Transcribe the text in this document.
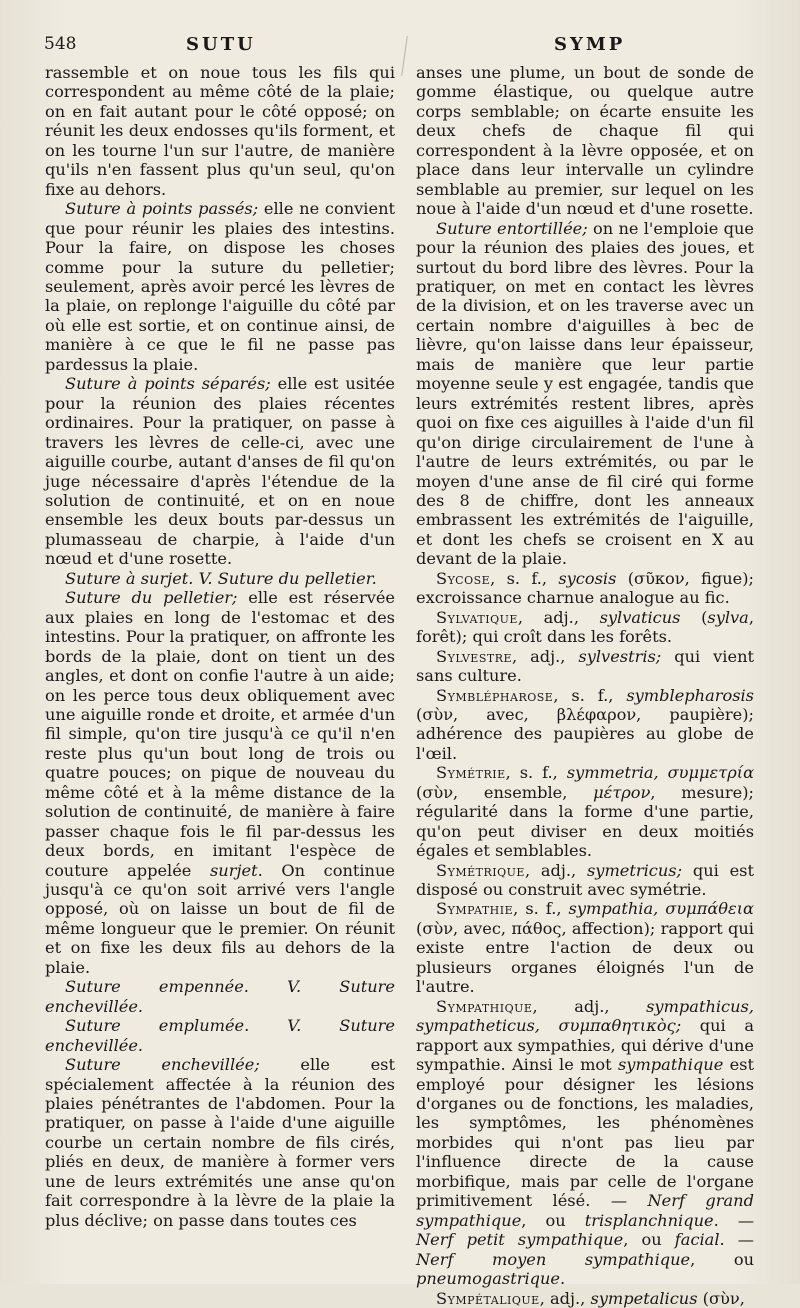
548	SUTU	SYMP

rassemble et on noue tous les fils qui correspondent au même côté de la plaie; on en fait autant pour le côté opposé; on réunit les deux endosses qu'ils forment, et on les tourne l'un sur l'autre, de manière qu'ils n'en fassent plus qu'un seul, qu'on fixe au dehors.

Suture à points passés; elle ne convient que pour réunir les plaies des intestins. Pour la faire, on dispose les choses comme pour la suture du pelletier; seulement, après avoir percé les lèvres de la plaie, on replonge l'aiguille du côté par où elle est sortie, et on continue ainsi, de manière à ce que le fil ne passe pas pardessus la plaie.

Suture à points séparés; elle est usitée pour la réunion des plaies récentes ordinaires. Pour la pratiquer, on passe à travers les lèvres de celle-ci, avec une aiguille courbe, autant d'anses de fil qu'on juge nécessaire d'après l'étendue de la solution de continuité, et on en noue ensemble les deux bouts par-dessus un plumasseau de charpie, à l'aide d'un nœud et d'une rosette.

Suture à surjet. V. Suture du pelletier.

Suture du pelletier; elle est réservée aux plaies en long de l'estomac et des intestins. Pour la pratiquer, on affronte les bords de la plaie, dont on tient un des angles, et dont on confie l'autre à un aide; on les perce tous deux obliquement avec une aiguille ronde et droite, et armée d'un fil simple, qu'on tire jusqu'à ce qu'il n'en reste plus qu'un bout long de trois ou quatre pouces; on pique de nouveau du même côté et à la même distance de la solution de continuité, de manière à faire passer chaque fois le fil par-dessus les deux bords, en imitant l'espèce de couture appelée surjet. On continue jusqu'à ce qu'on soit arrivé vers l'angle opposé, où on laisse un bout de fil de même longueur que le premier. On réunit et on fixe les deux fils au dehors de la plaie.

Suture empennée. V. Suture enchevillée.

Suture emplumée. V. Suture enchevillée.

Suture enchevillée; elle est spécialement affectée à la réunion des plaies pénétrantes de l'abdomen. Pour la pratiquer, on passe à l'aide d'une aiguille courbe un certain nombre de fils cirés, pliés en deux, de manière à former vers une de leurs extrémités une anse qu'on fait correspondre à la lèvre de la plaie la plus déclive; on passe dans toutes ces

anses une plume, un bout de sonde de gomme élastique, ou quelque autre corps semblable; on écarte ensuite les deux chefs de chaque fil qui correspondent à la lèvre opposée, et on place dans leur intervalle un cylindre semblable au premier, sur lequel on les noue à l'aide d'un nœud et d'une rosette.

Suture entortillée; on ne l'emploie que pour la réunion des plaies des joues, et surtout du bord libre des lèvres. Pour la pratiquer, on met en contact les lèvres de la division, et on les traverse avec un certain nombre d'aiguilles à bec de lièvre, qu'on laisse dans leur épaisseur, mais de manière que leur partie moyenne seule y est engagée, tandis que leurs extrémités restent libres, après quoi on fixe ces aiguilles à l'aide d'un fil qu'on dirige circulairement de l'une à l'autre de leurs extrémités, ou par le moyen d'une anse de fil ciré qui forme des 8 de chiffre, dont les anneaux embrassent les extrémités de l'aiguille, et dont les chefs se croisent en X au devant de la plaie.

Sycose, s. f., sycosis (σῦκον, figue); excroissance charnue analogue au fic.

Sylvatique, adj., sylvaticus (sylva, forêt); qui croît dans les forêts.

Sylvestre, adj., sylvestris; qui vient sans culture.

Symblépharose, s. f., symblepharosis (σὺν, avec, βλέφαρον, paupière); adhérence des paupières au globe de l'œil.

Symétrie, s. f., symmetria, συμμετρία (σὺν, ensemble, μέτρον, mesure); régularité dans la forme d'une partie, qu'on peut diviser en deux moitiés égales et semblables.

Symétrique, adj., symetricus; qui est disposé ou construit avec symétrie.

Sympathie, s. f., sympathia, συμπάθεια (σὺν, avec, πάθος, affection); rapport qui existe entre l'action de deux ou plusieurs organes éloignés l'un de l'autre.

Sympathique, adj., sympathicus, sympatheticus, συμπαθητικὸς; qui a rapport aux sympathies, qui dérive d'une sympathie. Ainsi le mot sympathique est employé pour désigner les lésions d'organes ou de fonctions, les maladies, les symptômes, les phénomènes morbides qui n'ont pas lieu par l'influence directe de la cause morbifique, mais par celle de l'organe primitivement lésé. — Nerf grand sympathique, ou trisplanchnique. — Nerf petit sympathique, ou facial. — Nerf moyen sympathique, ou pneumogastrique.

Sympétalique, adj., sympetalicus (σὺν,
